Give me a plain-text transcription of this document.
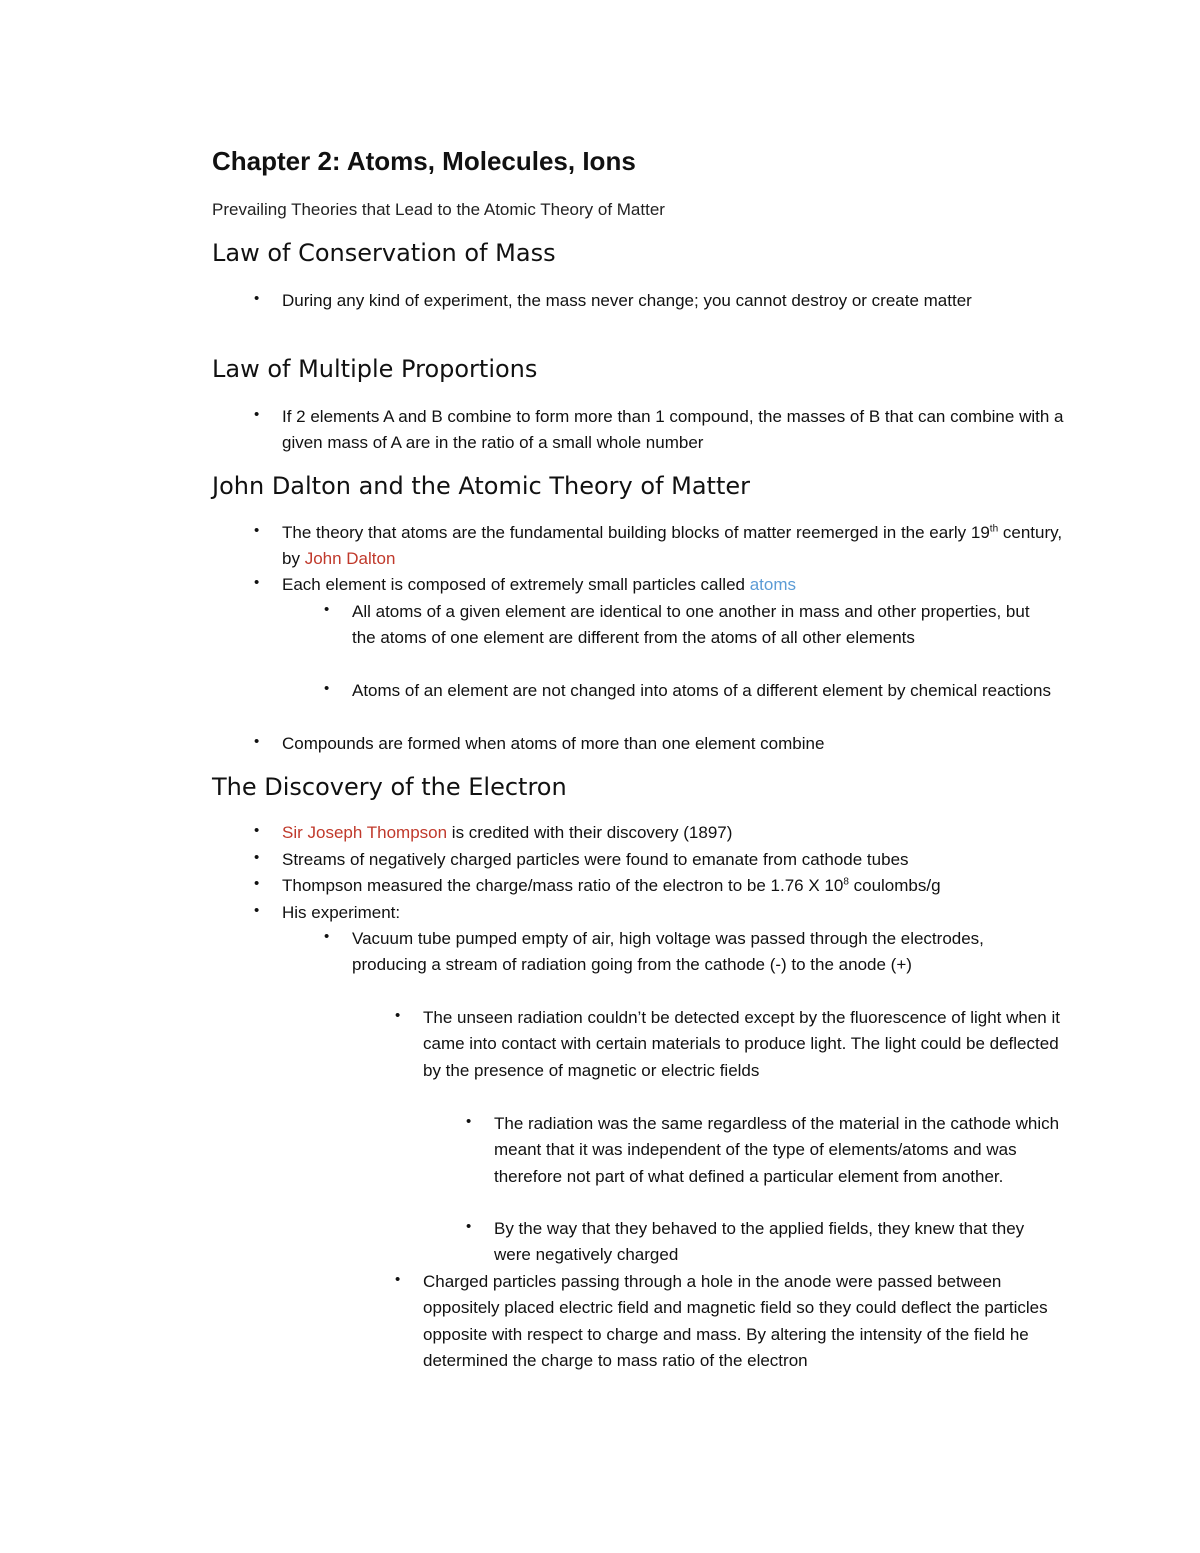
Chapter 2: Atoms, Molecules, Ions

Prevailing Theories that Lead to the Atomic Theory of Matter

Law of Conservation of Mass
• During any kind of experiment, the mass never change; you cannot destroy or create matter
Law of Multiple Proportions
• If 2 elements A and B combine to form more than 1 compound, the masses of B that can combine with a given mass of A are in the ratio of a small whole number
John Dalton and the Atomic Theory of Matter
• The theory that atoms are the fundamental building blocks of matter reemerged in the early 19th century, by John Dalton
• Each element is composed of extremely small particles called atoms
• All atoms of a given element are identical to one another in mass and other properties, but the atoms of one element are different from the atoms of all other elements
• Atoms of an element are not changed into atoms of a different element by chemical reactions
• Compounds are formed when atoms of more than one element combine
The Discovery of the Electron
• Sir Joseph Thompson is credited with their discovery (1897)
• Streams of negatively charged particles were found to emanate from cathode tubes
• Thompson measured the charge/mass ratio of the electron to be 1.76 X $10^8$ coulombs/g
• His experiment:
• Vacuum tube pumped empty of air, high voltage was passed through the electrodes, producing a stream of radiation going from the cathode (-) to the anode (+)
• The unseen radiation couldn’t be detected except by the fluorescence of light when it came into contact with certain materials to produce light. The light could be deflected by the presence of magnetic or electric fields
• The radiation was the same regardless of the material in the cathode which meant that it was independent of the type of elements/atoms and was therefore not part of what defined a particular element from another.
• By the way that they behaved to the applied fields, they knew that they were negatively charged
• Charged particles passing through a hole in the anode were passed between oppositely placed electric field and magnetic field so they could deflect the particles opposite with respect to charge and mass. By altering the intensity of the field he determined the charge to mass ratio of the electron
